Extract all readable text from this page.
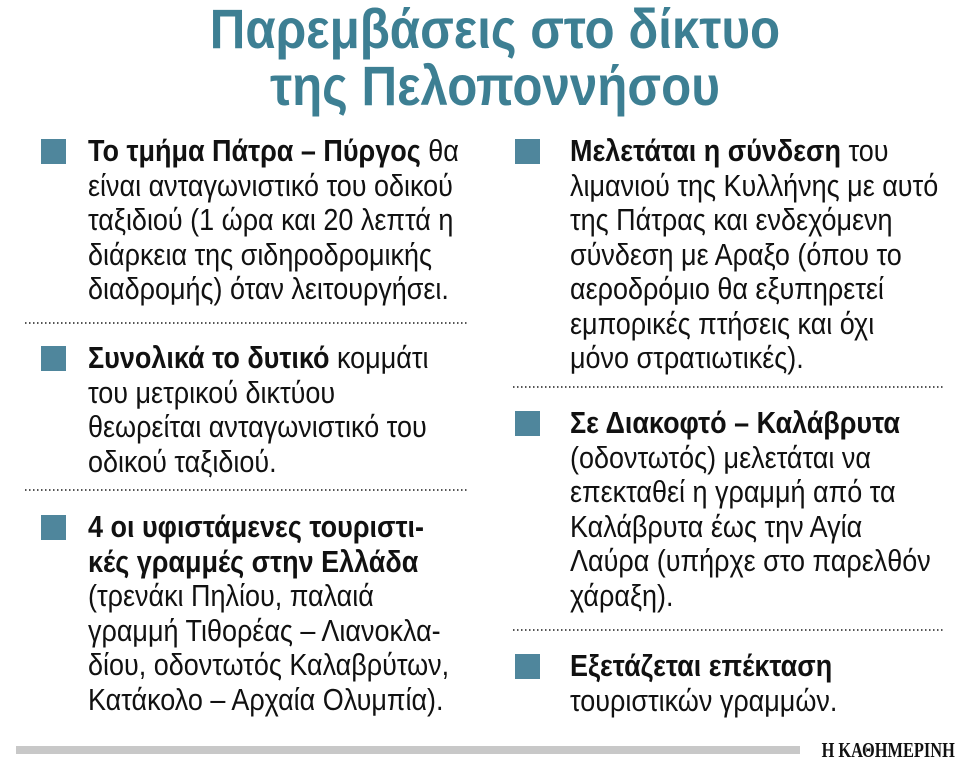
Παρεμβάσεις στο δίκτυο
της Πελοποννήσου
Το τμήμα Πάτρα – Πύργος θα
είναι ανταγωνιστικό του οδικού
ταξιδιού (1 ώρα και 20 λεπτά η
διάρκεια της σιδηροδρομικής
διαδρομής) όταν λειτουργήσει.
Συνολικά το δυτικό κομμάτι
του μετρικού δικτύου
θεωρείται ανταγωνιστικό του
οδικού ταξιδιού.
4 οι υφιστάμενες τουριστι-
κές γραμμές στην Ελλάδα
(τρενάκι Πηλίου, παλαιά
γραμμή Τιθορέας – Λιανοκλα-
δίου, οδοντωτός Καλαβρύτων,
Κατάκολο – Αρχαία Ολυμπία).
Μελετάται η σύνδεση του
λιμανιού της Κυλλήνης με αυτό
της Πάτρας και ενδεχόμενη
σύνδεση με Αραξο (όπου το
αεροδρόμιο θα εξυπηρετεί
εμπορικές πτήσεις και όχι
μόνο στρατιωτικές).
Σε Διακοφτό – Καλάβρυτα
(οδοντωτός) μελετάται να
επεκταθεί η γραμμή από τα
Καλάβρυτα έως την Αγία
Λαύρα (υπήρχε στο παρελθόν
χάραξη).
Εξετάζεται επέκταση
τουριστικών γραμμών.
Η ΚΑΘΗΜΕΡΙΝΗ
